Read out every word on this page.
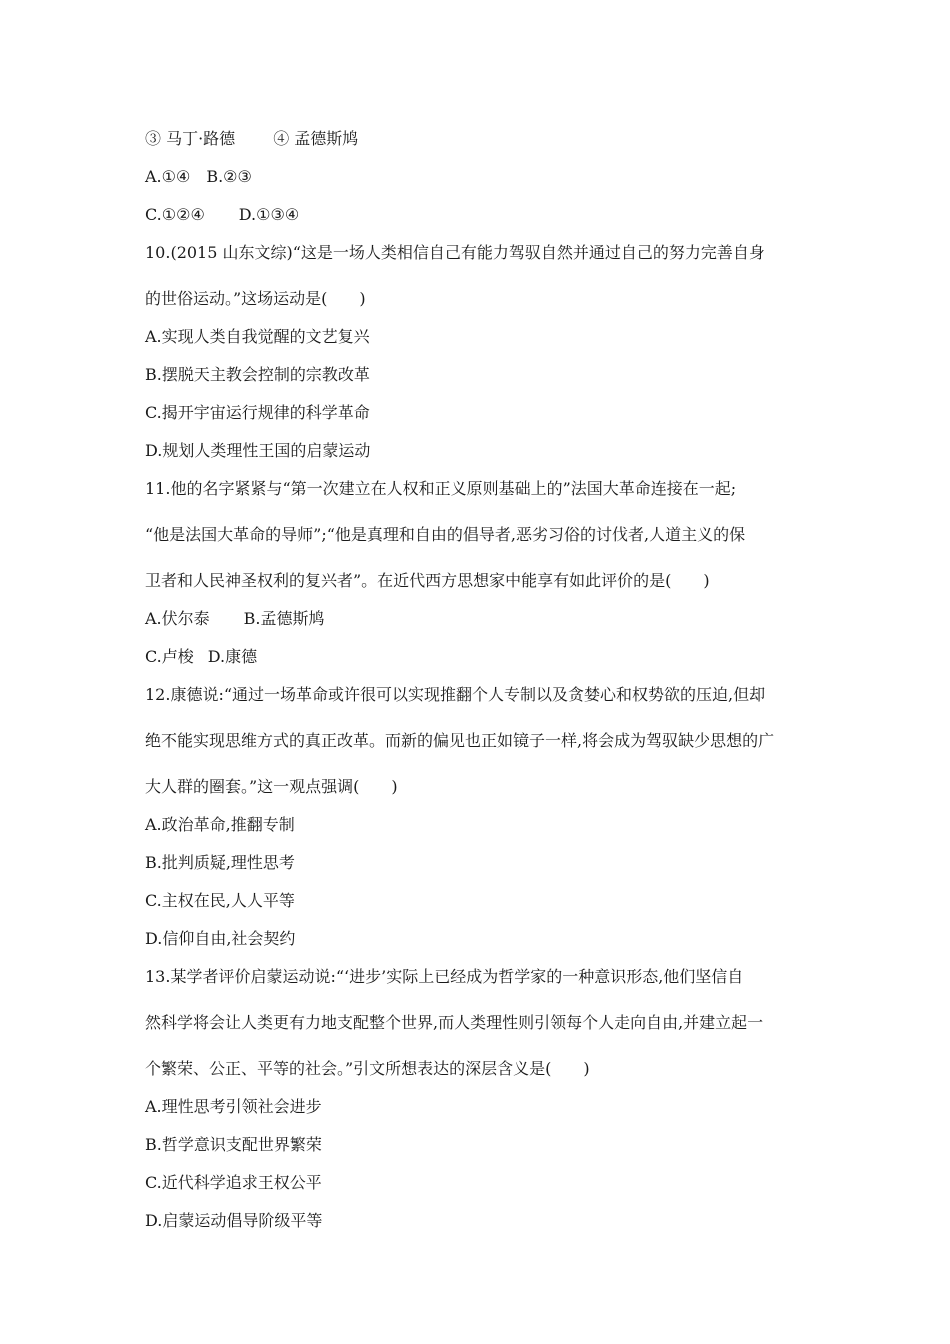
③ 马丁·路德 ④ 孟德斯鸠
A.①④ B.②③
C.①②④ D.①③④
10.(2015 山东文综)“这是一场人类相信自己有能力驾驭自然并通过自己的努力完善自身
的世俗运动。”这场运动是(　　)
A.实现人类自我觉醒的文艺复兴
B.摆脱天主教会控制的宗教改革
C.揭开宇宙运行规律的科学革命
D.规划人类理性王国的启蒙运动
11.他的名字紧紧与“第一次建立在人权和正义原则基础上的”法国大革命连接在一起;
“他是法国大革命的导师”;“他是真理和自由的倡导者,恶劣习俗的讨伐者,人道主义的保
卫者和人民神圣权利的复兴者”。在近代西方思想家中能享有如此评价的是(　　)
A.伏尔泰 B.孟德斯鸠
C.卢梭 D.康德
12.康德说:“通过一场革命或许很可以实现推翻个人专制以及贪婪心和权势欲的压迫,但却
绝不能实现思维方式的真正改革。而新的偏见也正如镜子一样,将会成为驾驭缺少思想的广
大人群的圈套。”这一观点强调(　　)
A.政治革命,推翻专制
B.批判质疑,理性思考
C.主权在民,人人平等
D.信仰自由,社会契约
13.某学者评价启蒙运动说:“‘进步’实际上已经成为哲学家的一种意识形态,他们坚信自
然科学将会让人类更有力地支配整个世界,而人类理性则引领每个人走向自由,并建立起一
个繁荣、公正、平等的社会。”引文所想表达的深层含义是(　　)
A.理性思考引领社会进步
B.哲学意识支配世界繁荣
C.近代科学追求王权公平
D.启蒙运动倡导阶级平等
